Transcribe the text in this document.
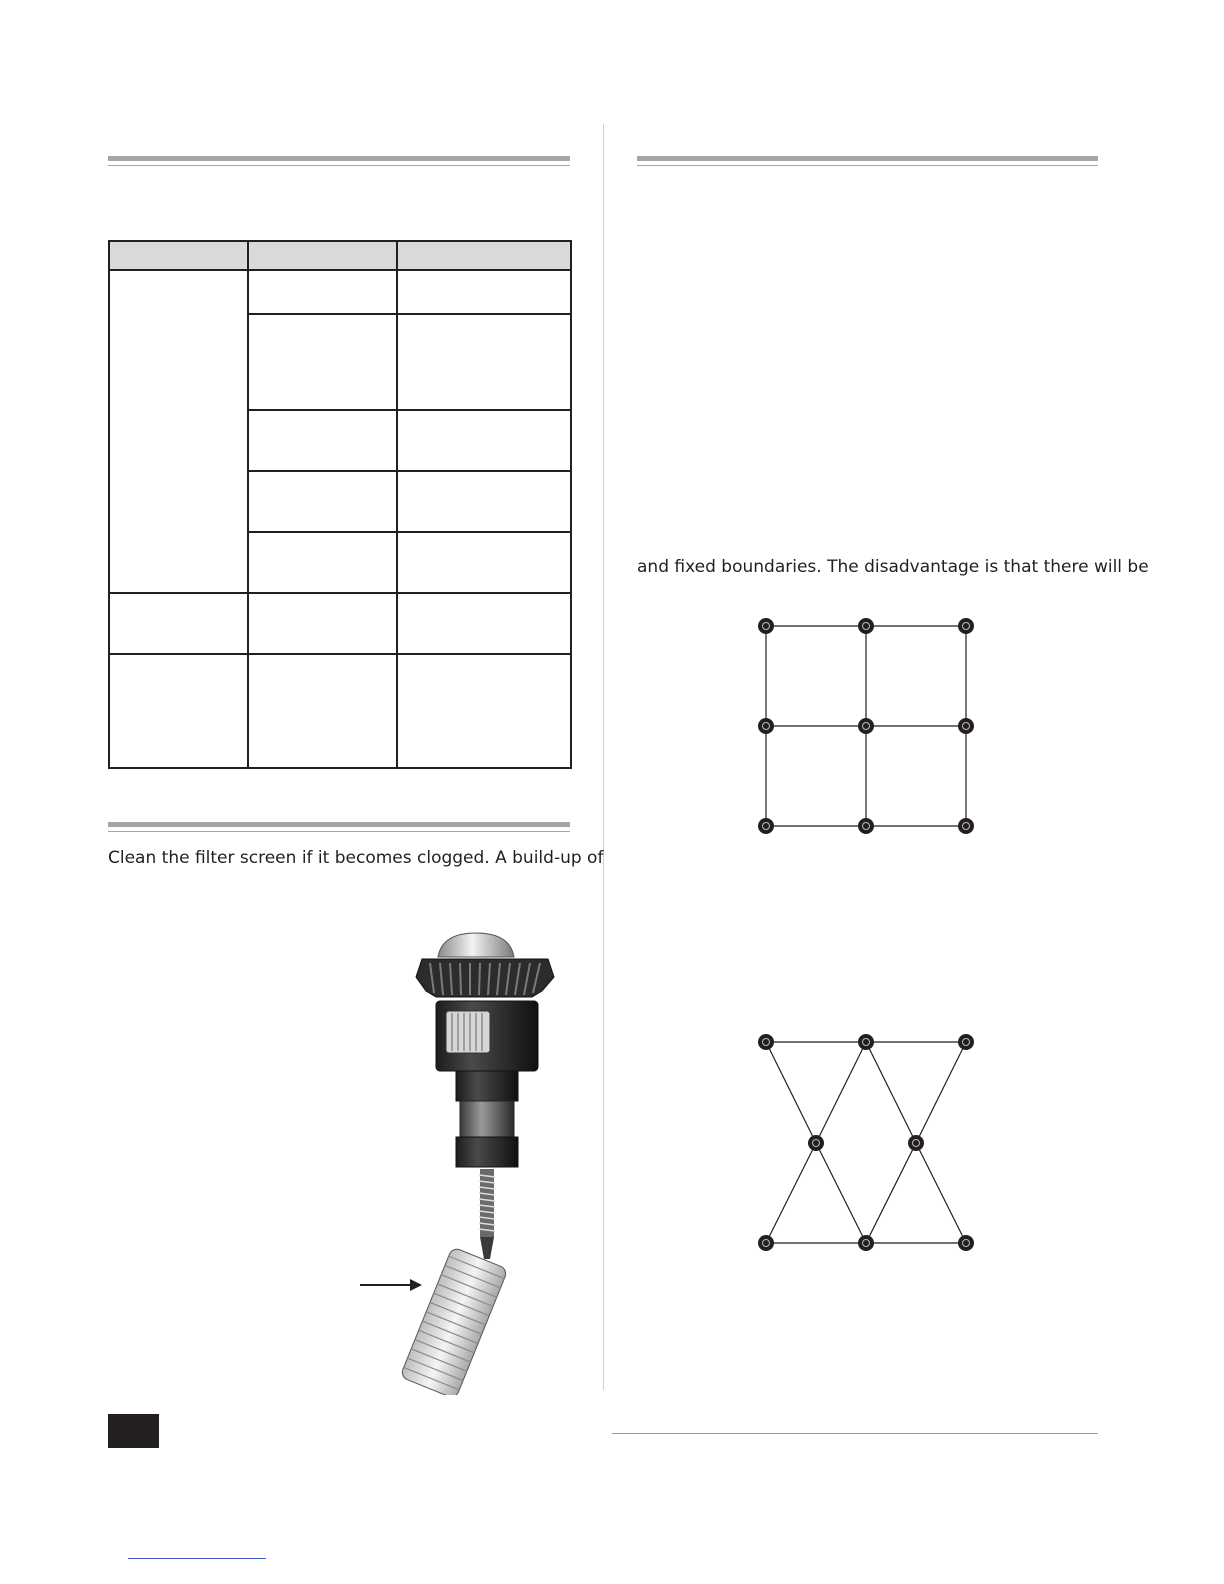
Clean the filter screen if it becomes clogged. A build-up of
and fixed boundaries. The disadvantage is that there will be
